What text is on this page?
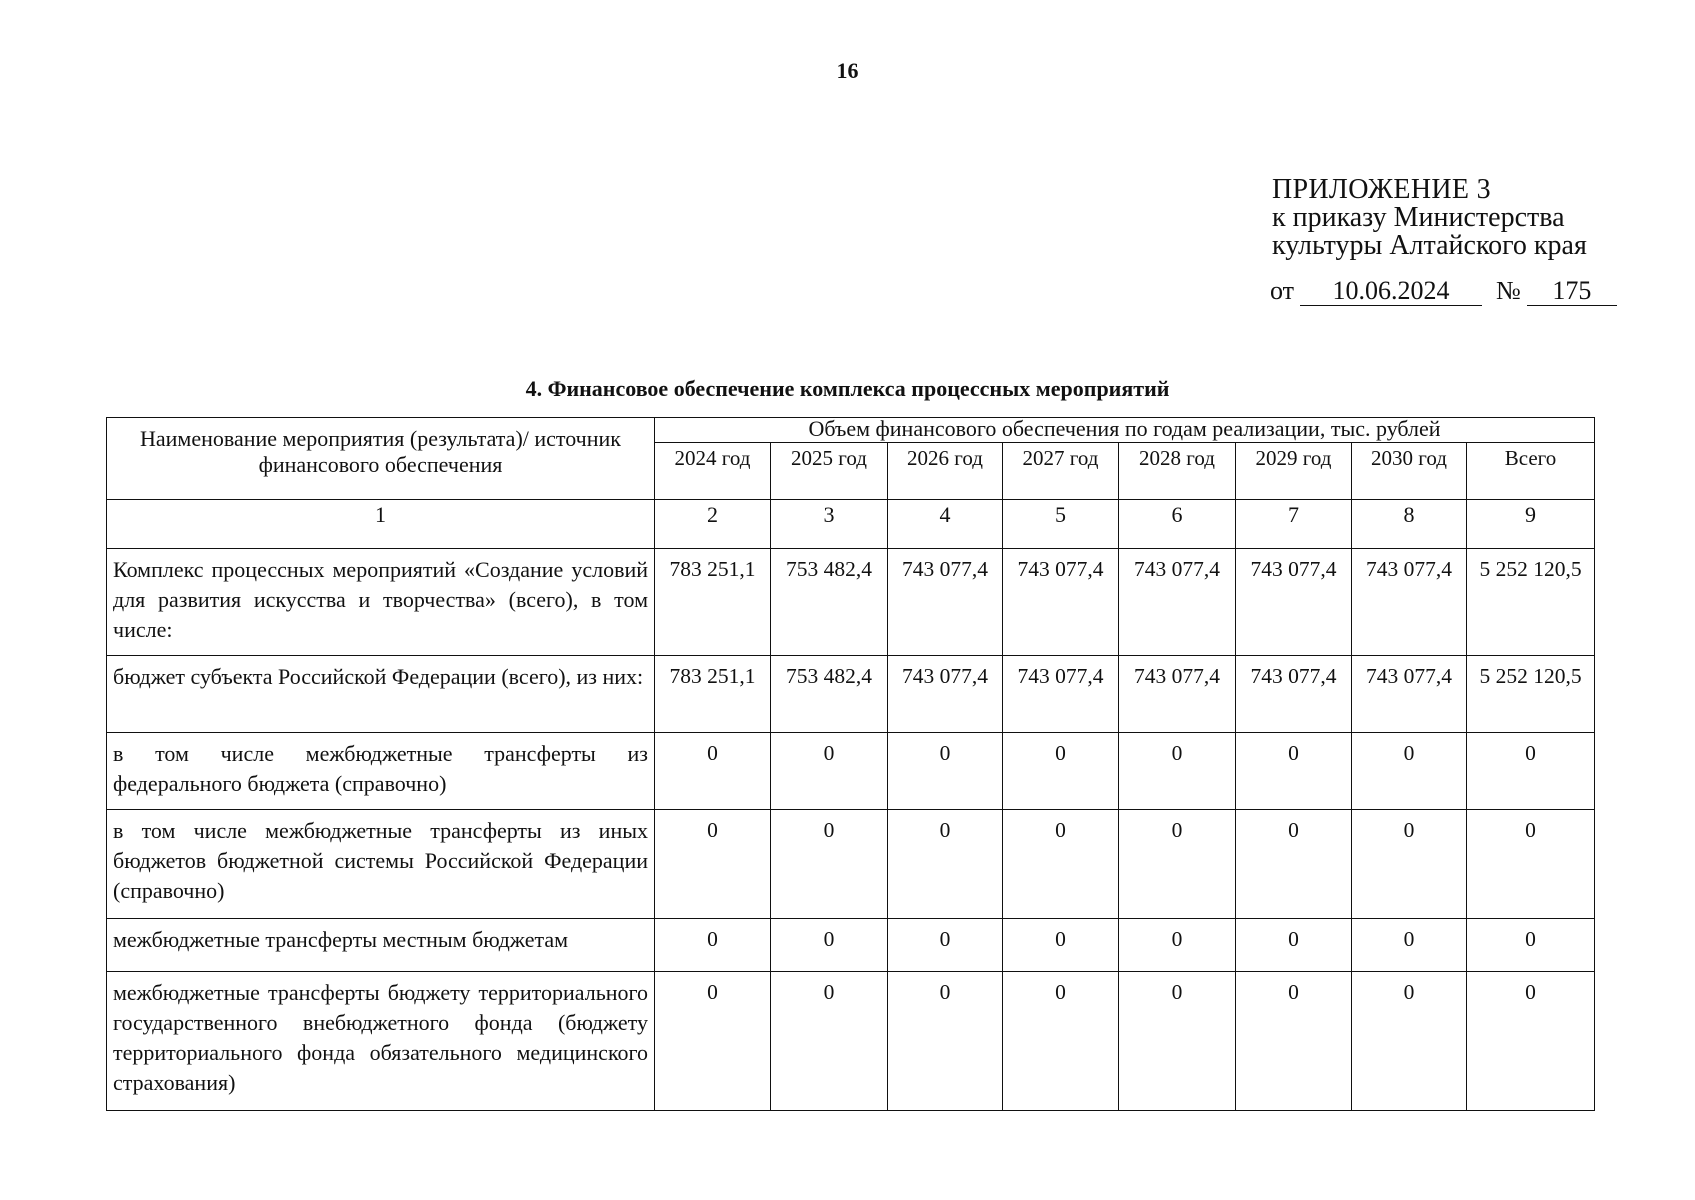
16
ПРИЛОЖЕНИЕ 3
к приказу Министерства
культуры Алтайского края
от 10.06.2024 № 175
4. Финансовое обеспечение комплекса процессных мероприятий
Наименование мероприятия (результата)/ источник финансового обеспечения	Объем финансового обеспечения по годам реализации, тыс. рублей							
	2024 год	2025 год	2026 год	2027 год	2028 год	2029 год	2030 год	Всего
1	2	3	4	5	6	7	8	9
Комплекс процессных мероприятий «Создание условий для развития искусства и творчества» (всего), в том числе:	783 251,1	753 482,4	743 077,4	743 077,4	743 077,4	743 077,4	743 077,4	5 252 120,5
бюджет субъекта Российской Федерации (всего), из них:	783 251,1	753 482,4	743 077,4	743 077,4	743 077,4	743 077,4	743 077,4	5 252 120,5
в том числе межбюджетные трансферты из федерального бюджета (справочно)	0	0	0	0	0	0	0	0
в том числе межбюджетные трансферты из иных бюджетов бюджетной системы Российской Федерации (справочно)	0	0	0	0	0	0	0	0
межбюджетные трансферты местным бюджетам	0	0	0	0	0	0	0	0
межбюджетные трансферты бюджету территориального государственного внебюджетного фонда (бюджету территориального фонда обязательного медицинского страхования)	0	0	0	0	0	0	0	0
